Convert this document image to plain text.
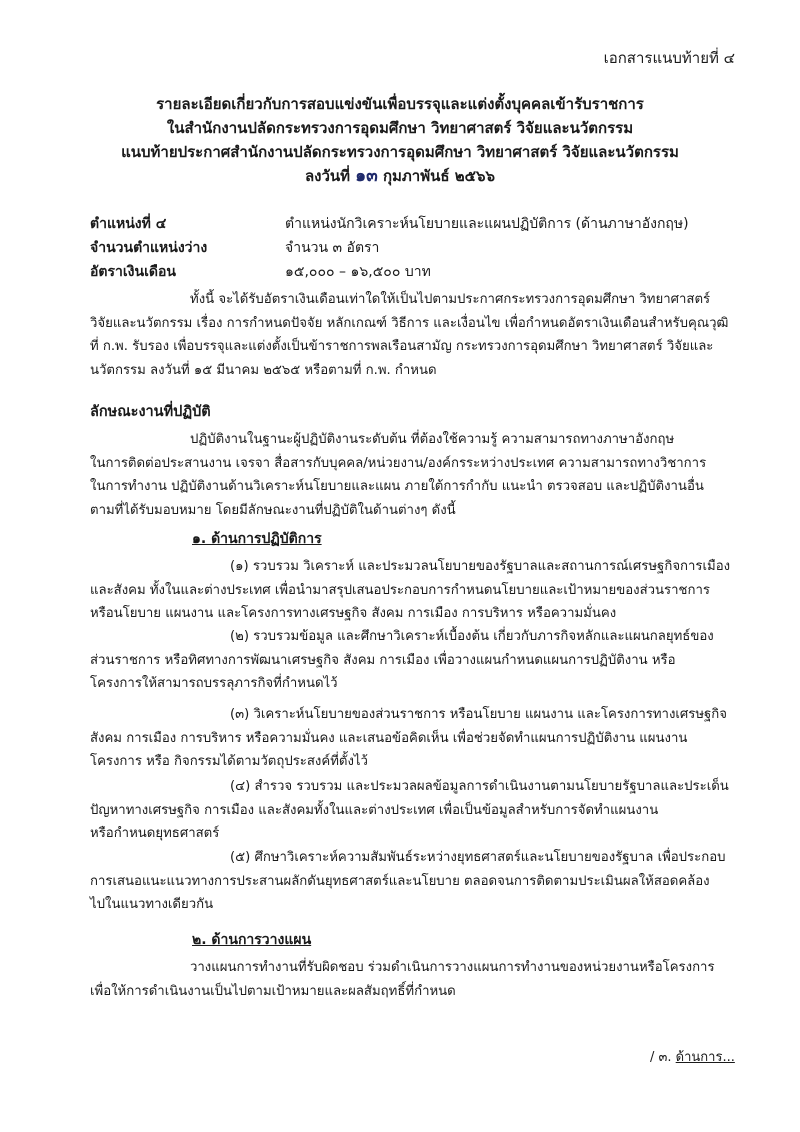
เอกสารแนบท้ายที่ ๔
รายละเอียดเกี่ยวกับการสอบแข่งขันเพื่อบรรจุและแต่งตั้งบุคคลเข้ารับราชการ
ในสำนักงานปลัดกระทรวงการอุดมศึกษา วิทยาศาสตร์ วิจัยและนวัตกรรม
แนบท้ายประกาศสำนักงานปลัดกระทรวงการอุดมศึกษา วิทยาศาสตร์ วิจัยและนวัตกรรม
ลงวันที่ ๑๓ กุมภาพันธ์ ๒๕๖๖
ตำแหน่งที่ ๔	ตำแหน่งนักวิเคราะห์นโยบายและแผนปฏิบัติการ (ด้านภาษาอังกฤษ)
จำนวนตำแหน่งว่าง	จำนวน ๓ อัตรา
อัตราเงินเดือน	๑๕,๐๐๐ – ๑๖,๕๐๐ บาท
ทั้งนี้ จะได้รับอัตราเงินเดือนเท่าใดให้เป็นไปตามประกาศกระทรวงการอุดมศึกษา วิทยาศาสตร์
วิจัยและนวัตกรรม เรื่อง การกำหนดปัจจัย หลักเกณฑ์ วิธีการ และเงื่อนไข เพื่อกำหนดอัตราเงินเดือนสำหรับคุณวุฒิ
ที่ ก.พ. รับรอง เพื่อบรรจุและแต่งตั้งเป็นข้าราชการพลเรือนสามัญ กระทรวงการอุดมศึกษา วิทยาศาสตร์ วิจัยและ
นวัตกรรม ลงวันที่ ๑๕ มีนาคม ๒๕๖๕ หรือตามที่ ก.พ. กำหนด
ลักษณะงานที่ปฏิบัติ
ปฏิบัติงานในฐานะผู้ปฏิบัติงานระดับต้น ที่ต้องใช้ความรู้ ความสามารถทางภาษาอังกฤษ
ในการติดต่อประสานงาน เจรจา สื่อสารกับบุคคล/หน่วยงาน/องค์กรระหว่างประเทศ ความสามารถทางวิชาการ
ในการทำงาน ปฏิบัติงานด้านวิเคราะห์นโยบายและแผน ภายใต้การกำกับ แนะนำ ตรวจสอบ และปฏิบัติงานอื่น
ตามที่ได้รับมอบหมาย โดยมีลักษณะงานที่ปฏิบัติในด้านต่างๆ ดังนี้
๑. ด้านการปฏิบัติการ
(๑) รวบรวม วิเคราะห์ และประมวลนโยบายของรัฐบาลและสถานการณ์เศรษฐกิจการเมือง
และสังคม ทั้งในและต่างประเทศ เพื่อนำมาสรุปเสนอประกอบการกำหนดนโยบายและเป้าหมายของส่วนราชการ
หรือนโยบาย แผนงาน และโครงการทางเศรษฐกิจ สังคม การเมือง การบริหาร หรือความมั่นคง
(๒) รวบรวมข้อมูล และศึกษาวิเคราะห์เบื้องต้น เกี่ยวกับภารกิจหลักและแผนกลยุทธ์ของ
ส่วนราชการ หรือทิศทางการพัฒนาเศรษฐกิจ สังคม การเมือง เพื่อวางแผนกำหนดแผนการปฏิบัติงาน หรือ
โครงการให้สามารถบรรลุภารกิจที่กำหนดไว้
(๓) วิเคราะห์นโยบายของส่วนราชการ หรือนโยบาย แผนงาน และโครงการทางเศรษฐกิจ
สังคม การเมือง การบริหาร หรือความมั่นคง และเสนอข้อคิดเห็น เพื่อช่วยจัดทำแผนการปฏิบัติงาน แผนงาน
โครงการ หรือ กิจกรรมได้ตามวัตถุประสงค์ที่ตั้งไว้
(๔) สำรวจ รวบรวม และประมวลผลข้อมูลการดำเนินงานตามนโยบายรัฐบาลและประเด็น
ปัญหาทางเศรษฐกิจ การเมือง และสังคมทั้งในและต่างประเทศ เพื่อเป็นข้อมูลสำหรับการจัดทำแผนงาน
หรือกำหนดยุทธศาสตร์
(๕) ศึกษาวิเคราะห์ความสัมพันธ์ระหว่างยุทธศาสตร์และนโยบายของรัฐบาล เพื่อประกอบ
การเสนอแนะแนวทางการประสานผลักดันยุทธศาสตร์และนโยบาย ตลอดจนการติดตามประเมินผลให้สอดคล้อง
ไปในแนวทางเดียวกัน
๒. ด้านการวางแผน
วางแผนการทำงานที่รับผิดชอบ ร่วมดำเนินการวางแผนการทำงานของหน่วยงานหรือโครงการ
เพื่อให้การดำเนินงานเป็นไปตามเป้าหมายและผลสัมฤทธิ์ที่กำหนด
/ ๓. ด้านการ...
